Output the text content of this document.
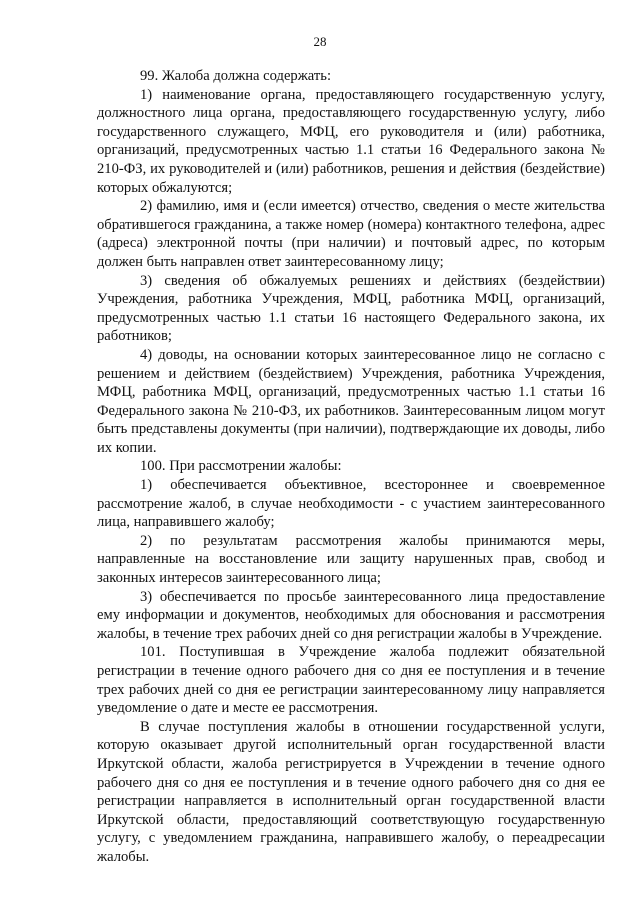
28

99. Жалоба должна содержать:

1) наименование органа, предоставляющего государственную услугу, должностного лица органа, предоставляющего государственную услугу, либо государственного служащего, МФЦ, его руководителя и (или) работника, организаций, предусмотренных частью 1.1 статьи 16 Федерального закона № 210-ФЗ, их руководителей и (или) работников, решения и действия (бездействие) которых обжалуются;

2) фамилию, имя и (если имеется) отчество, сведения о месте жительства обратившегося гражданина, а также номер (номера) контактного телефона, адрес (адреса) электронной почты (при наличии) и почтовый адрес, по которым должен быть направлен ответ заинтересованному лицу;

3) сведения об обжалуемых решениях и действиях (бездействии) Учреждения, работника Учреждения, МФЦ, работника МФЦ, организаций, предусмотренных частью 1.1 статьи 16 настоящего Федерального закона, их работников;

4) доводы, на основании которых заинтересованное лицо не согласно с решением и действием (бездействием) Учреждения, работника Учреждения, МФЦ, работника МФЦ, организаций, предусмотренных частью 1.1 статьи 16 Федерального закона № 210-ФЗ, их работников. Заинтересованным лицом могут быть представлены документы (при наличии), подтверждающие их доводы, либо их копии.

100. При рассмотрении жалобы:

1) обеспечивается объективное, всестороннее и своевременное рассмотрение жалоб, в случае необходимости - с участием заинтересованного лица, направившего жалобу;

2) по результатам рассмотрения жалобы принимаются меры, направленные на восстановление или защиту нарушенных прав, свобод и законных интересов заинтересованного лица;

3) обеспечивается по просьбе заинтересованного лица предоставление ему информации и документов, необходимых для обоснования и рассмотрения жалобы, в течение трех рабочих дней со дня регистрации жалобы в Учреждение.

101. Поступившая в Учреждение жалоба подлежит обязательной регистрации в течение одного рабочего дня со дня ее поступления и в течение трех рабочих дней со дня ее регистрации заинтересованному лицу направляется уведомление о дате и месте ее рассмотрения.

В случае поступления жалобы в отношении государственной услуги, которую оказывает другой исполнительный орган государственной власти Иркутской области, жалоба регистрируется в Учреждении в течение одного рабочего дня со дня ее поступления и в течение одного рабочего дня со дня ее регистрации направляется в исполнительный орган государственной власти Иркутской области, предоставляющий соответствующую государственную услугу, с уведомлением гражданина, направившего жалобу, о переадресации жалобы.
